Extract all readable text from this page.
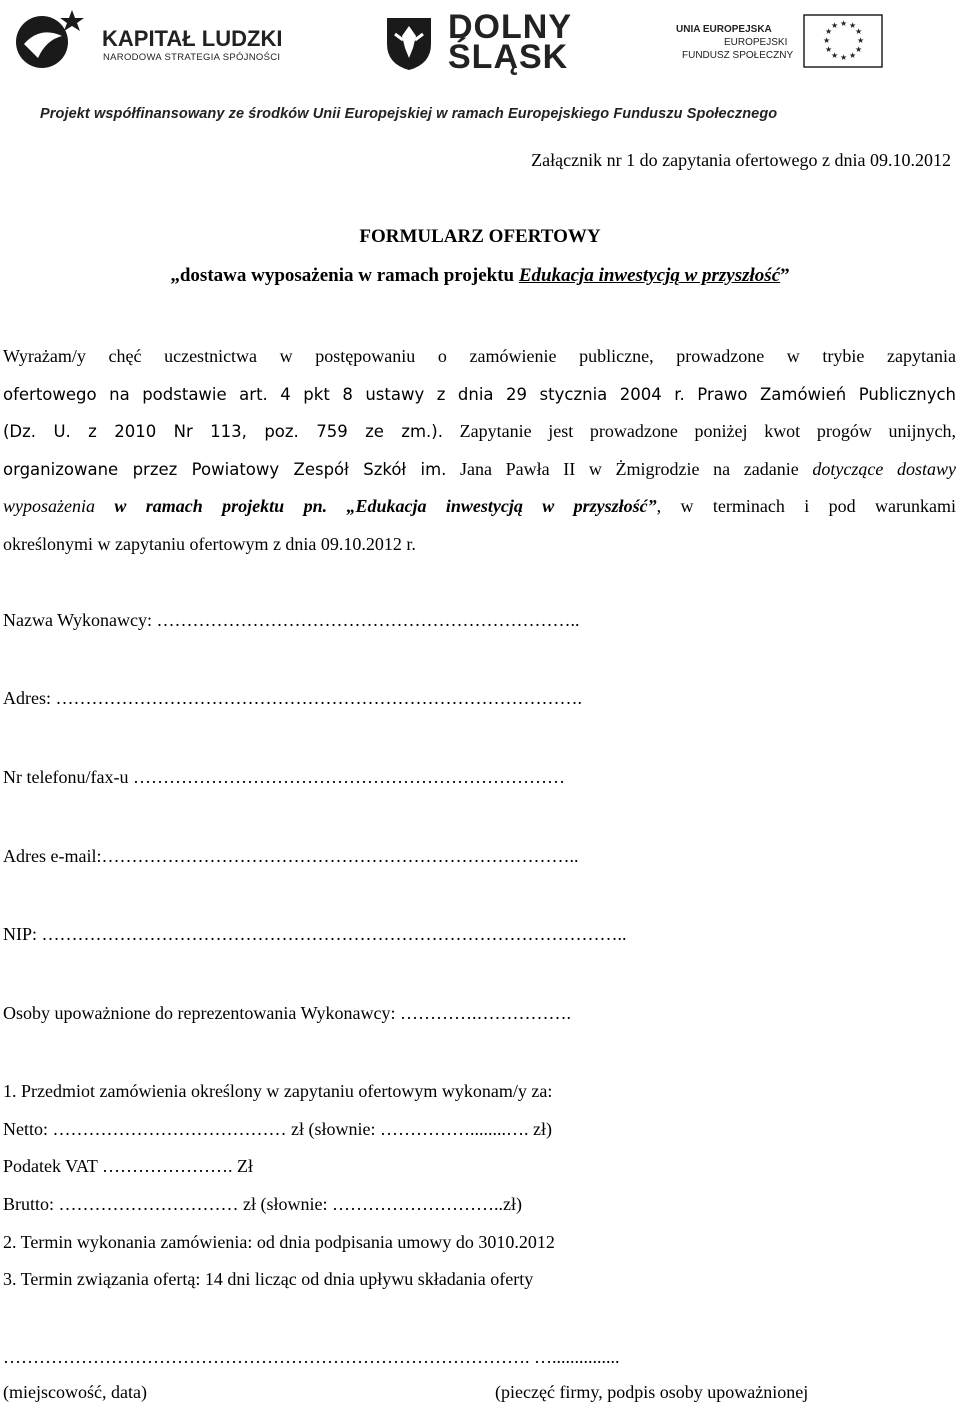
KAPITAŁ LUDZKI
NARODOWA STRATEGIA SPÓJNOŚCI
DOLNY
ŚLĄSK
UNIA EUROPEJSKA
EUROPEJSKI
FUNDUSZ SPOŁECZNY
★ ★
★
★
★
★
★
★
★
★
★
★
Projekt współfinansowany ze środków Unii Europejskiej w ramach Europejskiego Funduszu Społecznego
Załącznik nr 1 do zapytania ofertowego z dnia 09.10.2012
FORMULARZ OFERTOWY
„dostawa wyposażenia w ramach projektu Edukacja inwestycją w przyszłość”
Wyrażam/y chęć uczestnictwa w postępowaniu o zamówienie publiczne, prowadzone w trybie zapytania
ofertowego na podstawie art. 4 pkt 8 ustawy z dnia 29 stycznia 2004 r. Prawo Zamówień Publicznych
(Dz. U. z 2010 Nr 113, poz. 759 ze zm.). Zapytanie jest prowadzone poniżej kwot progów unijnych,
organizowane przez Powiatowy Zespół Szkół im. Jana Pawła II w Żmigrodzie na zadanie dotyczące dostawy
wyposażenia w ramach projektu pn. „Edukacja inwestycją w przyszłość”, w terminach i pod warunkami
określonymi w zapytaniu ofertowym z dnia 09.10.2012 r.
Nazwa Wykonawcy: ……………………………………………………………..
Adres: …………………………………………………………………………….
Nr telefonu/fax-u ………………………………………………………………
Adres e-mail:……………………………………………………………………..
NIP: ……………………………………………………………………………………..
Osoby upoważnione do reprezentowania Wykonawcy: ………….…………….
1. Przedmiot zamówienia określony w zapytaniu ofertowym wykonam/y za:
Netto: ………………………………… zł (słownie: ……………........…. zł)
Podatek VAT …………………. Zł
Brutto: ………………………… zł (słownie: ………………………..zł)
2. Termin wykonania zamówienia: od dnia podpisania umowy do 3010.2012
3. Termin związania ofertą: 14 dni licząc od dnia upływu składania oferty
……………………………………………………………………………. …...............
(miejscowość, data)	(pieczęć firmy, podpis osoby upoważnionej
